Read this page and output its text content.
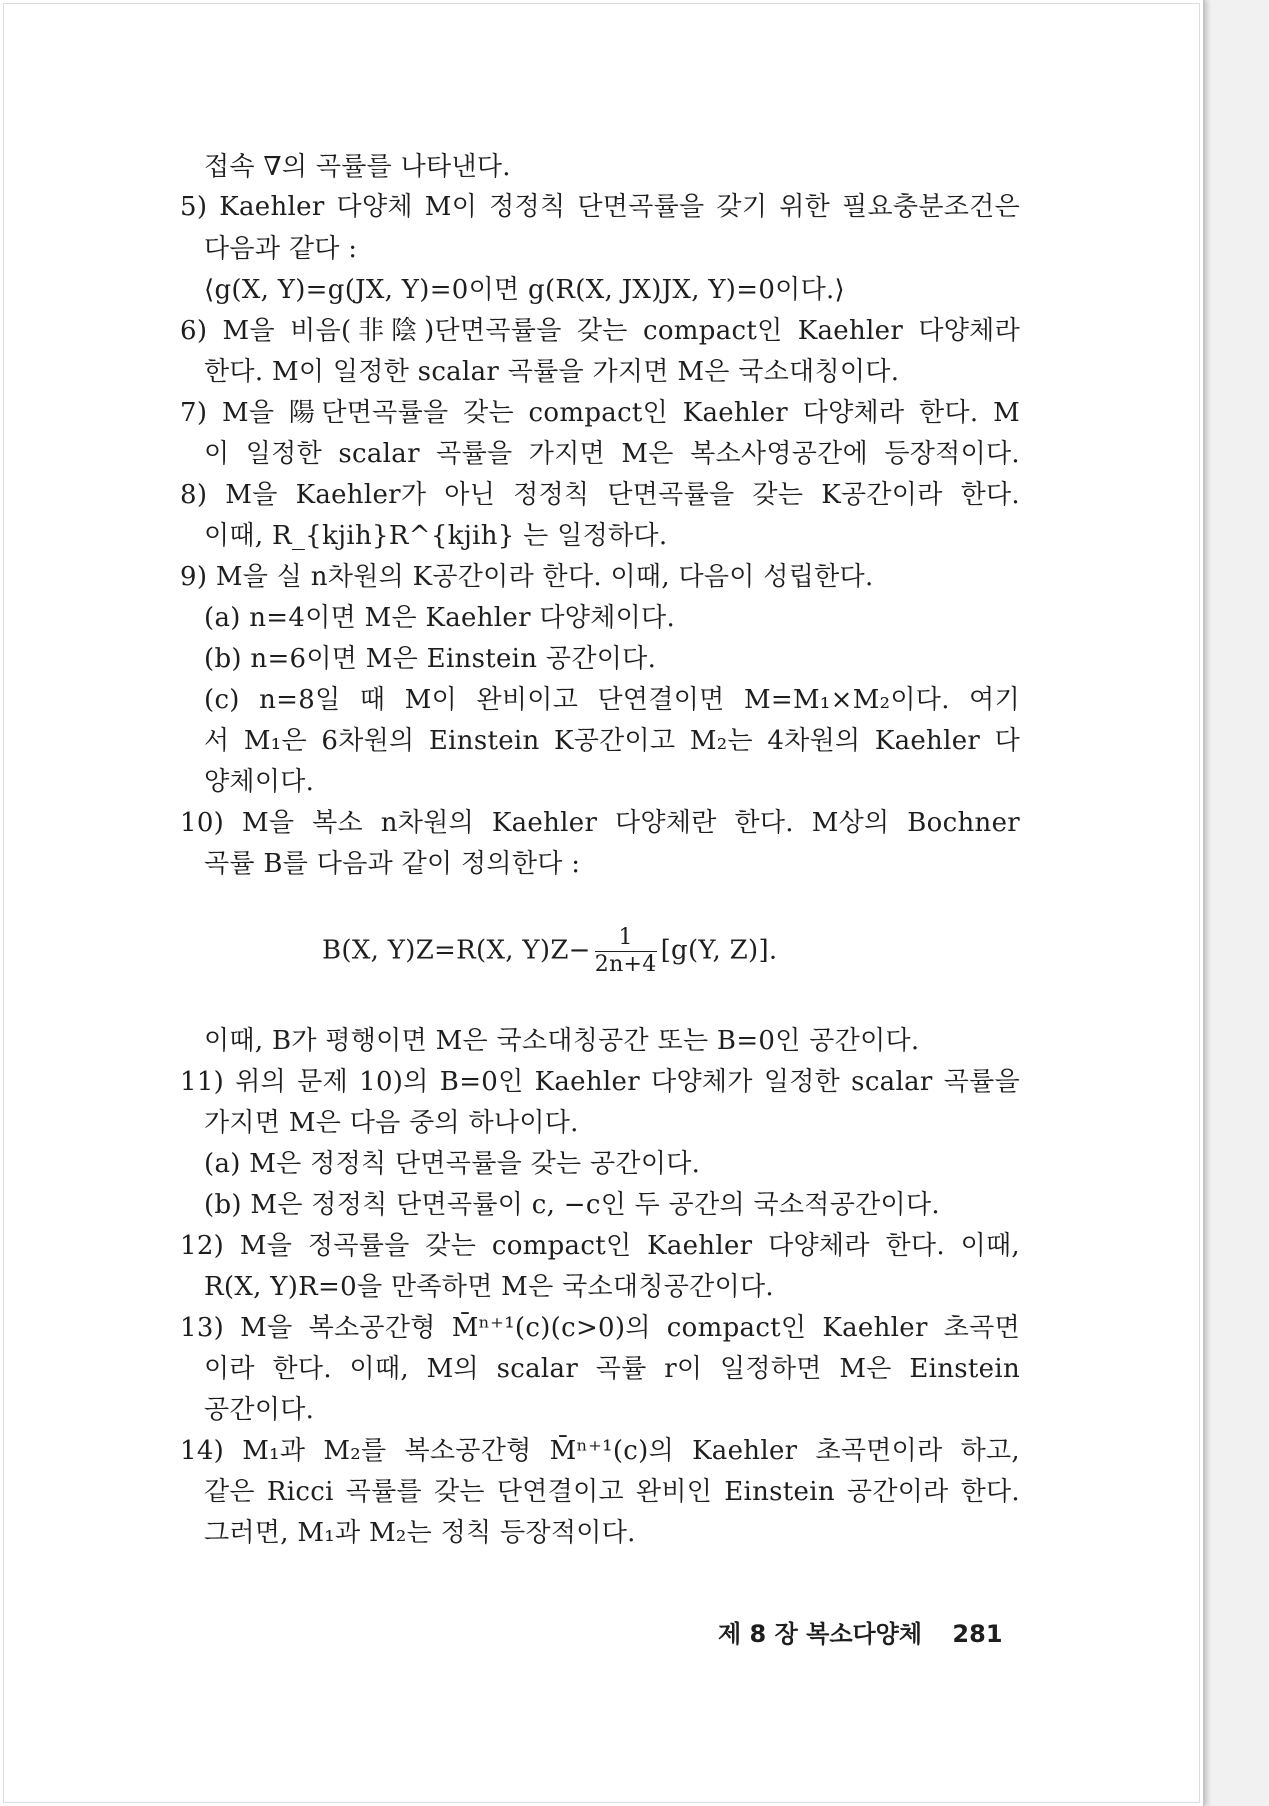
접속 ∇의 곡률를 나타낸다.
5) Kaehler 다양체 M이 정정칙 단면곡률을 갖기 위한 필요충분조건은
다음과 같다 :
⟨g(X, Y)=g(JX, Y)=0이면 g(R(X, JX)JX, Y)=0이다.⟩
6) M을 비음(非陰)단면곡률을 갖는 compact인 Kaehler 다양체라
한다. M이 일정한 scalar 곡률을 가지면 M은 국소대칭이다.
7) M을 陽단면곡률을 갖는 compact인 Kaehler 다양체라 한다. M
이 일정한 scalar 곡률을 가지면 M은 복소사영공간에 등장적이다.
8) M을 Kaehler가 아닌 정정칙 단면곡률을 갖는 K공간이라 한다.
이때, R_{kjih}R^{kjih} 는 일정하다.
9) M을 실 n차원의 K공간이라 한다. 이때, 다음이 성립한다.
(a) n=4이면 M은 Kaehler 다양체이다.
(b) n=6이면 M은 Einstein 공간이다.
(c) n=8일 때 M이 완비이고 단연결이면 M=M₁×M₂이다. 여기
서 M₁은 6차원의 Einstein K공간이고 M₂는 4차원의 Kaehler 다
양체이다.
10) M을 복소 n차원의 Kaehler 다양체란 한다. M상의 Bochner
곡률 B를 다음과 같이 정의한다 :
B(X, Y)Z=R(X, $Y)Z- \frac{1}{2n+4} [g(Y$, Z)].
이때, B가 평행이면 M은 국소대칭공간 또는 B=0인 공간이다.
11) 위의 문제 10)의 B=0인 Kaehler 다양체가 일정한 scalar 곡률을
가지면 M은 다음 중의 하나이다.
(a) M은 정정칙 단면곡률을 갖는 공간이다.
(b) M은 정정칙 단면곡률이 c, −c인 두 공간의 국소적공간이다.
12) M을 정곡률을 갖는 compact인 Kaehler 다양체라 한다. 이때,
R(X, Y)R=0을 만족하면 M은 국소대칭공간이다.
13) M을 복소공간형 M̄ⁿ⁺¹(c)(c>0)의 compact인 Kaehler 초곡면
이라 한다. 이때, M의 scalar 곡률 r이 일정하면 M은 Einstein
공간이다.
14) M₁과 M₂를 복소공간형 M̄ⁿ⁺¹(c)의 Kaehler 초곡면이라 하고,
같은 Ricci 곡률를 갖는 단연결이고 완비인 Einstein 공간이라 한다.
그러면, M₁과 M₂는 정칙 등장적이다.
제 8 장 복소다양체 281
